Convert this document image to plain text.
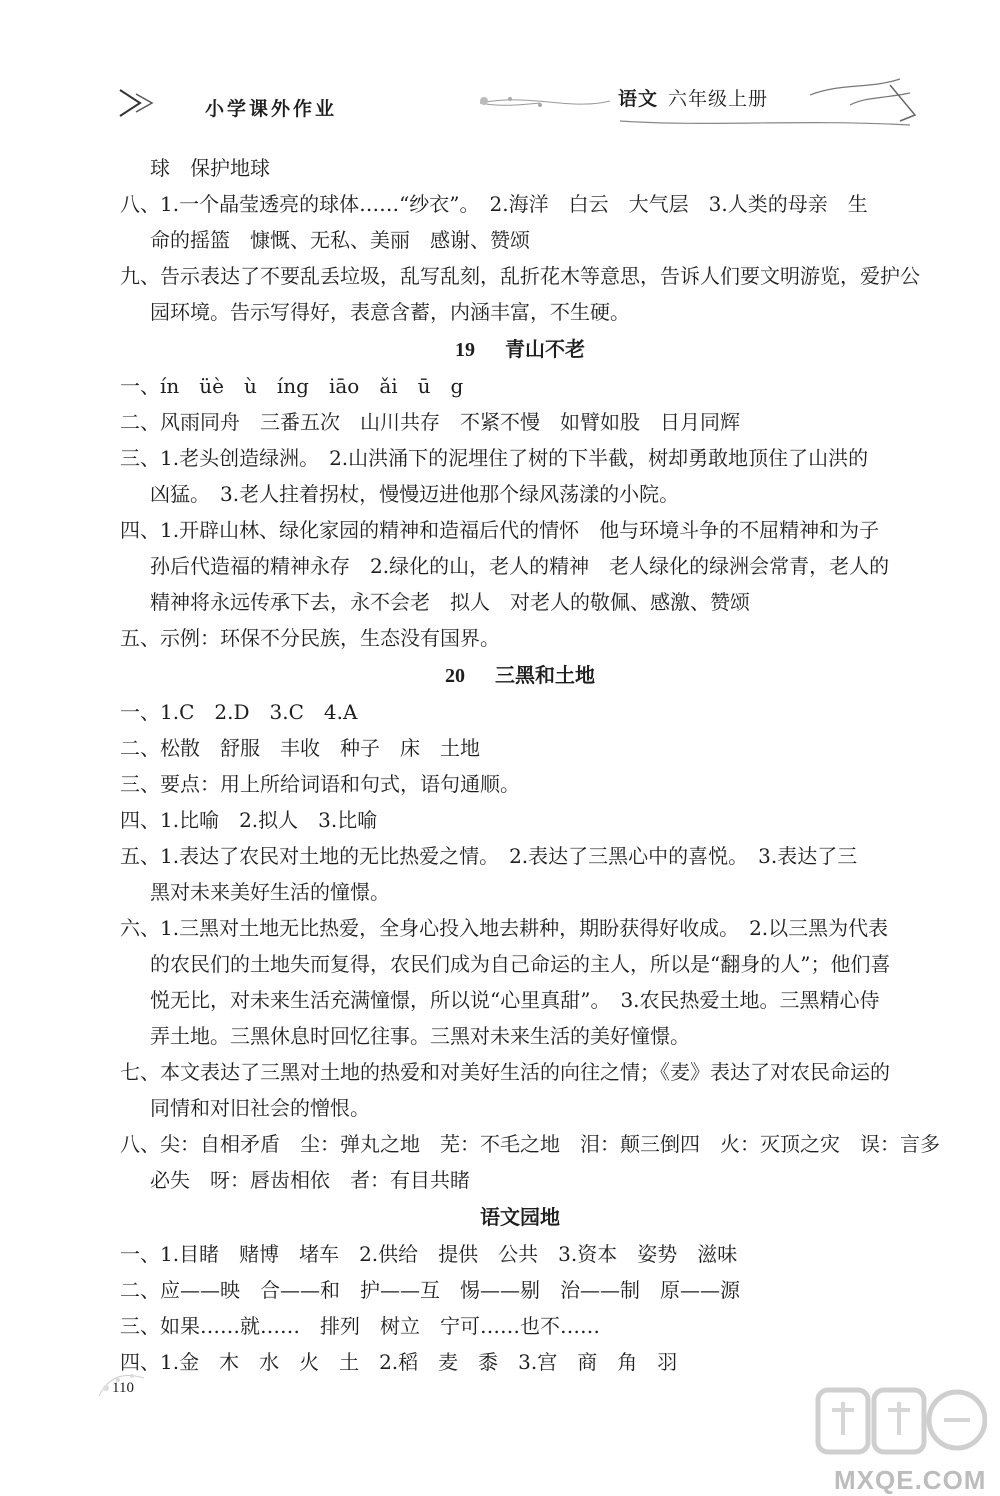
小学课外作业	语文 六年级上册
球　保护地球
八、1.一个晶莹透亮的球体……“纱衣”。　2.海洋　白云　大气层　3.人类的母亲　生
命的摇篮　慷慨、无私、美丽　感谢、赞颂
九、告示表达了不要乱丢垃圾，乱写乱刻，乱折花木等意思，告诉人们要文明游览，爱护公
园环境。告示写得好，表意含蓄，内涵丰富，不生硬。
19 青山不老
一、ín　üè　ù　íng　iāo　ǎi　ū　g
二、风雨同舟　三番五次　山川共存　不紧不慢　如臂如股　日月同辉
三、1.老头创造绿洲。　2.山洪涌下的泥埋住了树的下半截，树却勇敢地顶住了山洪的
凶猛。　3.老人拄着拐杖，慢慢迈进他那个绿风荡漾的小院。
四、1.开辟山林、绿化家园的精神和造福后代的情怀　他与环境斗争的不屈精神和为子
孙后代造福的精神永存　2.绿化的山，老人的精神　老人绿化的绿洲会常青，老人的
精神将永远传承下去，永不会老　拟人　对老人的敬佩、感激、赞颂
五、示例：环保不分民族，生态没有国界。
20 三黑和土地
一、1.C　2.D　3.C　4.A
二、松散　舒服　丰收　种子　床　土地
三、要点：用上所给词语和句式，语句通顺。
四、1.比喻　2.拟人　3.比喻
五、1.表达了农民对土地的无比热爱之情。　2.表达了三黑心中的喜悦。　3.表达了三
黑对未来美好生活的憧憬。
六、1.三黑对土地无比热爱，全身心投入地去耕种，期盼获得好收成。　2.以三黑为代表
的农民们的土地失而复得，农民们成为自己命运的主人，所以是“翻身的人”；他们喜
悦无比，对未来生活充满憧憬，所以说“心里真甜”。　3.农民热爱土地。三黑精心侍
弄土地。三黑休息时回忆往事。三黑对未来生活的美好憧憬。
七、本文表达了三黑对土地的热爱和对美好生活的向往之情；《麦》表达了对农民命运的
同情和对旧社会的憎恨。
八、尖：自相矛盾　尘：弹丸之地　芜：不毛之地　泪：颠三倒四　火：灭顶之灾　误：言多
必失　呀：唇齿相依　者：有目共睹
语文园地
一、1.目睹　赌博　堵车　2.供给　提供　公共　3.资本　姿势　滋味
二、应——映　合——和　护——互　惕——剔　治——制　原——源
三、如果……就……　排列　树立　宁可……也不……
四、1.金　木　水　火　土　2.稻　麦　黍　3.宫　商　角　羽
110
MXQE.COM
